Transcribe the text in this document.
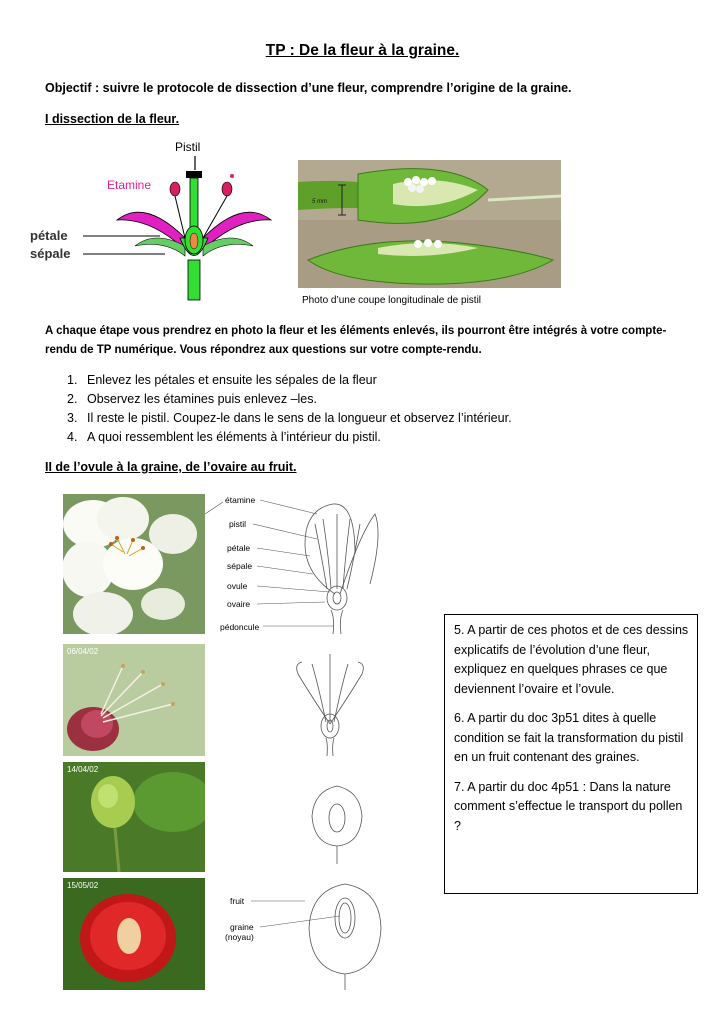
TP : De la fleur à la graine.
Objectif : suivre le protocole de dissection d’une fleur, comprendre l’origine de la graine.
I dissection de la fleur.
Pistil
Etamine
pétale
sépale
5 mm
Photo d’une coupe longitudinale de pistil
A chaque étape vous prendrez en photo la fleur et les éléments enlevés, ils pourront être intégrés à votre compte-rendu de TP numérique. Vous répondrez aux questions sur votre compte-rendu.
1. Enlevez les pétales et ensuite les sépales de la fleur
2. Observez les étamines puis enlevez –les.
3. Il reste le pistil. Coupez-le dans le sens de la longueur et observez l’intérieur.
4. A quoi ressemblent les éléments à l’intérieur du pistil.
II de l’ovule à la graine, de l’ovaire au fruit.
étamine
pistil
pétale
sépale
ovule
ovaire
pédoncule
06/04/02
14/04/02
15/05/02
fruit
graine
(noyau)

5. A partir de ces photos et de ces dessins explicatifs de l’évolution d’une fleur, expliquez en quelques phrases ce que deviennent l’ovaire et l’ovule.

6. A partir du doc 3p51 dites à quelle condition se fait la transformation du pistil en un fruit contenant des graines.

7. A partir du doc 4p51 : Dans la nature comment s’effectue le transport du pollen ?
